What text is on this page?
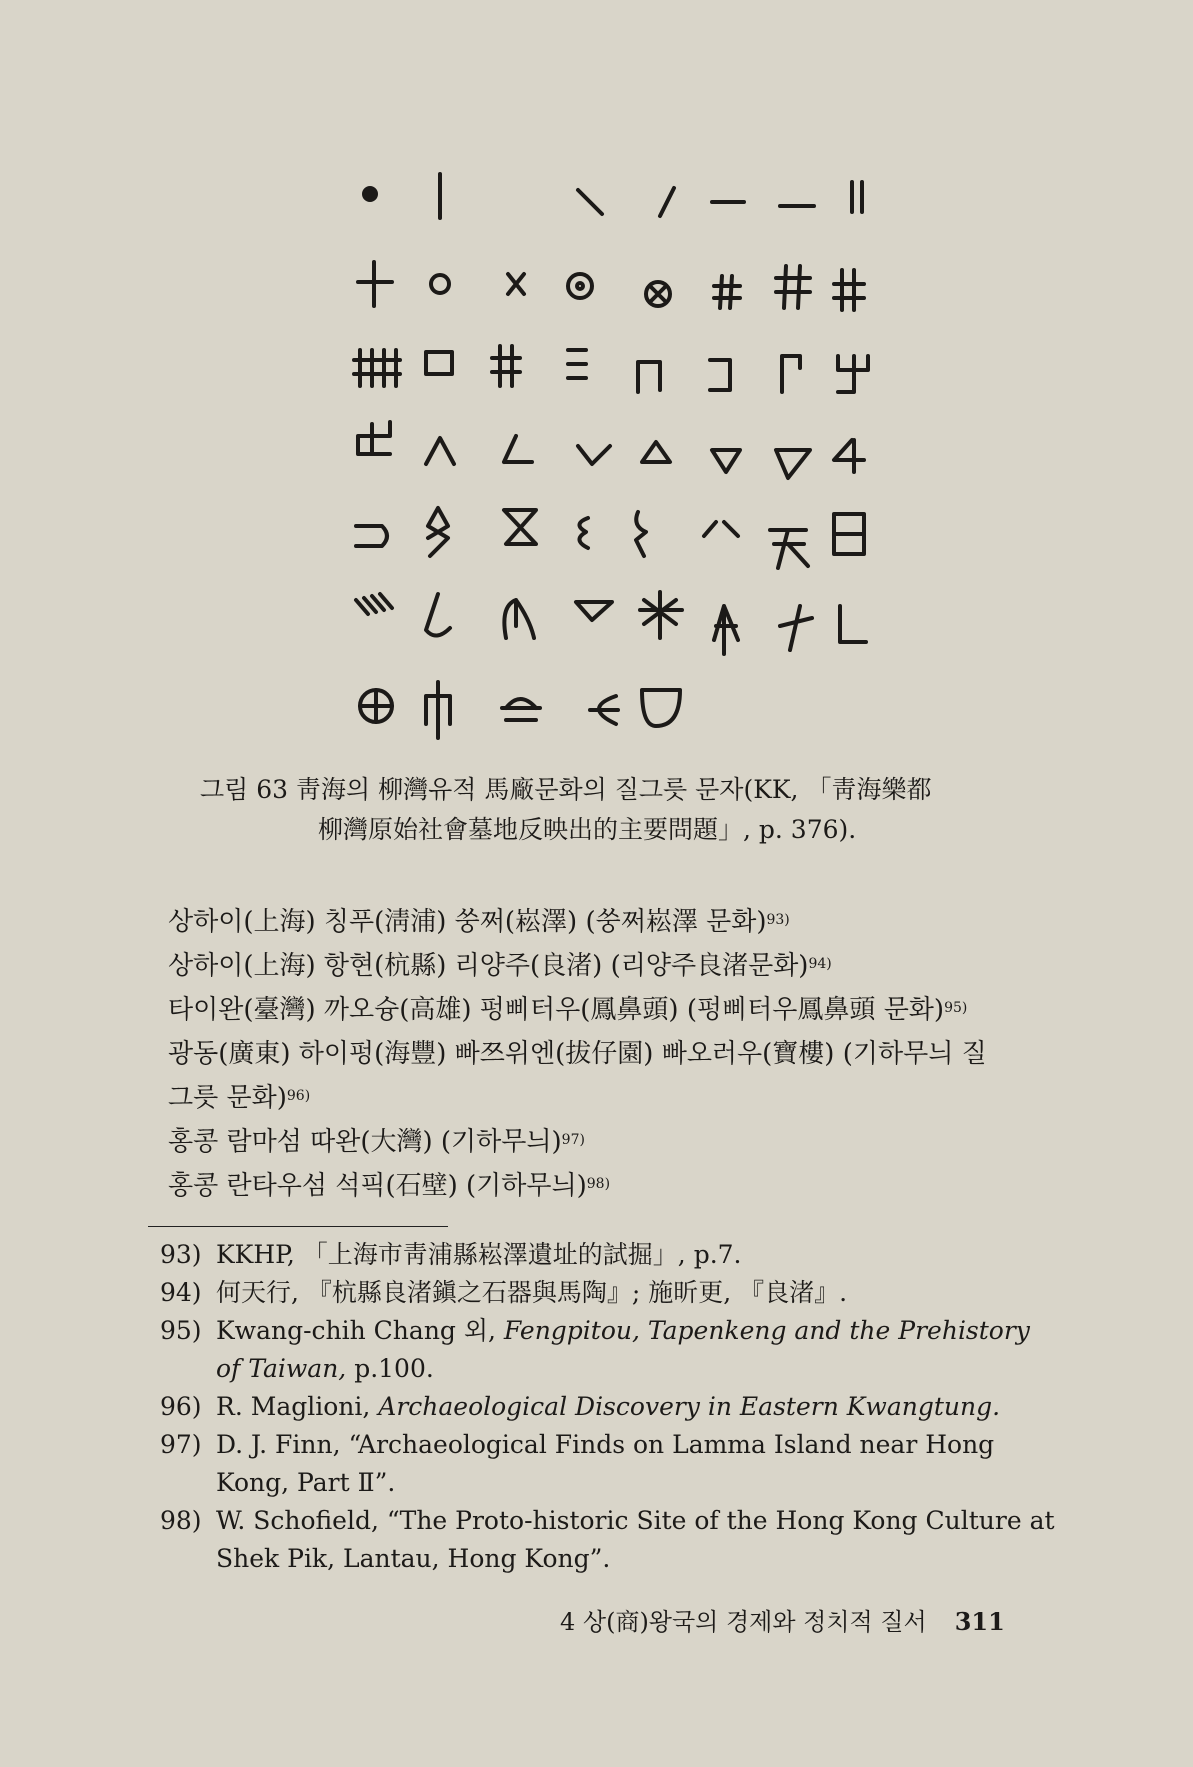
그림 63 靑海의 柳灣유적 馬廠문화의 질그릇 문자(KK, 「靑海樂都
柳灣原始社會墓地反映出的主要問題」, p. 376).
상하이(上海) 칭푸(淸浦) 쑹쩌(崧澤) (쑹쩌崧澤 문화)$^{93)}$
상하이(上海) 항현(杭縣) 리양주(良渚) (리양주良渚문화)$^{94)}$
타이완(臺灣) 까오슝(高雄) 펑삐터우(鳳鼻頭) (펑삐터우鳳鼻頭 문화)$^{95)}$
광동(廣東) 하이펑(海豐) 빠쯔위엔(拔仔園) 빠오러우(寶樓) (기하무늬 질
그릇 문화)$^{96)}$
홍콩 람마섬 따완(大灣) (기하무늬)$^{97)}$
홍콩 란타우섬 석픽(石壁) (기하무늬)$^{98)}$
93) KKHP, 「上海市靑浦縣崧澤遺址的試掘」, p.7.
94) 何天行, 『杭縣良渚鎭之石器與馬陶』; 施昕更, 『良渚』.
95) Kwang-chih Chang 외, Fengpitou, Tapenkeng and the Prehistory of Taiwan, p.100.
96) R. Maglioni, Archaeological Discovery in Eastern Kwangtung.
97) D. J. Finn, “Archaeological Finds on Lamma Island near Hong Kong, Part Ⅱ”.
98) W. Schofield, “The Proto-historic Site of the Hong Kong Culture at Shek Pik, Lantau, Hong Kong”.
4 상(商)왕국의 경제와 정치적 질서 311
